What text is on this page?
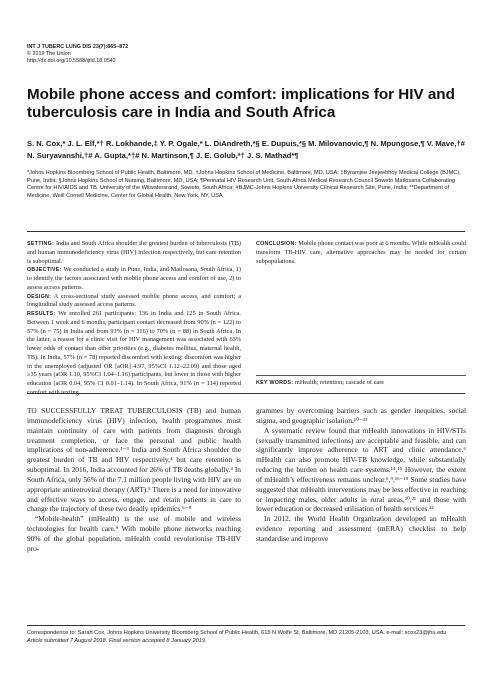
INT J TUBERC LUNG DIS 23(7):865–872
© 2019 The Union
http://dx.doi.org/10.5588/ijtld.18.0542
Mobile phone access and comfort: implications for HIV and tuberculosis care in India and South Africa
S. N. Cox,* J. L. Elf,*† R. Lokhande,‡ Y. P. Ogale,* L. DiAndreth,*§ E. Dupuis,*§ M. Milovanovic,¶ N. Mpungose,¶ V. Mave,†# N. Suryavanshi,†# A. Gupta,*†# N. Martinson,¶ J. E. Golub,*† J. S. Mathad*¶
*Johns Hopkins Bloomberg School of Public Health, Baltimore, MD, †Johns Hopkins School of Medicine, Baltimore, MD, USA; ‡Byramjee Jeejeebhoy Medical College (BJMC), Pune, India; §Johns Hopkins School of Nursing, Baltimore, MD, USA; ¶Perinatal HIV Research Unit, South Africa Medical Research Council Soweto Matlosana Collaborating Centre for HIV/AIDS and TB, University of the Witwatersrand, Soweto, South Africa; #BJMC-Johns Hopkins University Clinical Research Site, Pune, India; **Department of Medicine, Weill Cornell Medicine, Center for Global Health, New York, NY, USA

SETTING: India and South Africa shoulder the greatest burden of tuberculosis (TB) and human immunodeficiency virus (HIV) infection respectively, but care retention is suboptimal.

OBJECTIVE: We conducted a study in Pune, India, and Matlosana, South Africa, 1) to identify the factors associated with mobile phone access and comfort of use, 2) to assess access patterns.

DESIGN: A cross-sectional study assessed mobile phone access, and comfort; a longitudinal study assessed access patterns.

RESULTS: We enrolled 261 participants: 136 in India and 125 in South Africa. Between 1 week and 6 months, participant contact decreased from 90% (n = 122) to 57% (n = 75) in India and from 93% (n = 116) to 70% (n = 88) in South Africa. In the latter, a reason for a clinic visit for HIV management was associated with 63% lower odds of contact than other priorities (e.g., diabetes mellitus, maternal health, TB). In India, 57% (n = 78) reported discomfort with texting; discomfort was higher in the unemployed (adjusted OR [aOR] 4.97, 95%CI 1.12–22.09) and those aged ≥35 years (aOR 1.10, 95%CI 1.04–1.16) participants, but lower in those with higher education (aOR 0.04, 95% CI 0.01–1.14). In South Africa, 91% (n = 114) reported comfort with texting.

CONCLUSION: Mobile phone contact was poor at 6 months. While mHealth could transform TB-HIV care, alternative approaches may be needed for certain subpopulations.

KEY WORDS: mHealth; retention; cascade of care

TO SUCCESSFULLY TREAT TUBERCULOSIS (TB) and human immunodeficiency virus (HIV) infection, health programmes must maintain continuity of care with patients from diagnosis through treatment completion, or face the personal and public health implications of non-adherence.¹⁻³ India and South Africa shoulder the greatest burden of TB and HIV respectively,⁴ but care retention is suboptimal. In 2016, India accounted for 26% of TB deaths globally.⁴ In South Africa, only 56% of the 7.1 million people living with HIV are on appropriate antiretroviral therapy (ART).⁵ There is a need for innovative and effective ways to access, engage, and retain patients in care to change the trajectory of these two deadly epidemics.⁶⁻⁸

“Mobile-health” (mHealth) is the use of mobile and wireless technologies for health care.⁹ With mobile phone networks reaching 90% of the global population, mHealth could revolutionise TB-HIV pro-

grammes by overcoming barriers such as gender inequities, social stigma, and geographic isolation.¹⁰⁻¹³

A systematic review found that mHealth innovations in HIV/STIs (sexually transmitted infections) are acceptable and feasible, and can significantly improve adherence to ART and clinic attendance.⁶ mHealth can also promote HIV-TB knowledge, while substantially reducing the burden on health care systems.¹⁴,¹⁵ However, the extent of mHealth’s effectiveness remains unclear.⁶,⁹,¹⁶⁻¹⁹ Some studies have suggested that mHealth interventions may be less effective in reaching or impacting males, older adults in rural areas,²⁰,²¹ and those with lower education or decreased utilisation of health services.²²

In 2012, the World Health Organization developed an mHealth evidence reporting and assessment (mERA) checklist to help standardise and improve

Correspondence to: Sarah Cox, Johns Hopkins University Bloomberg School of Public Health, 615 N Wolfe St, Baltimore, MD 21205-2103, USA. e-mail: scox23@jhu.edu
Article submitted 7 August 2018. Final version accepted 8 January 2019.
